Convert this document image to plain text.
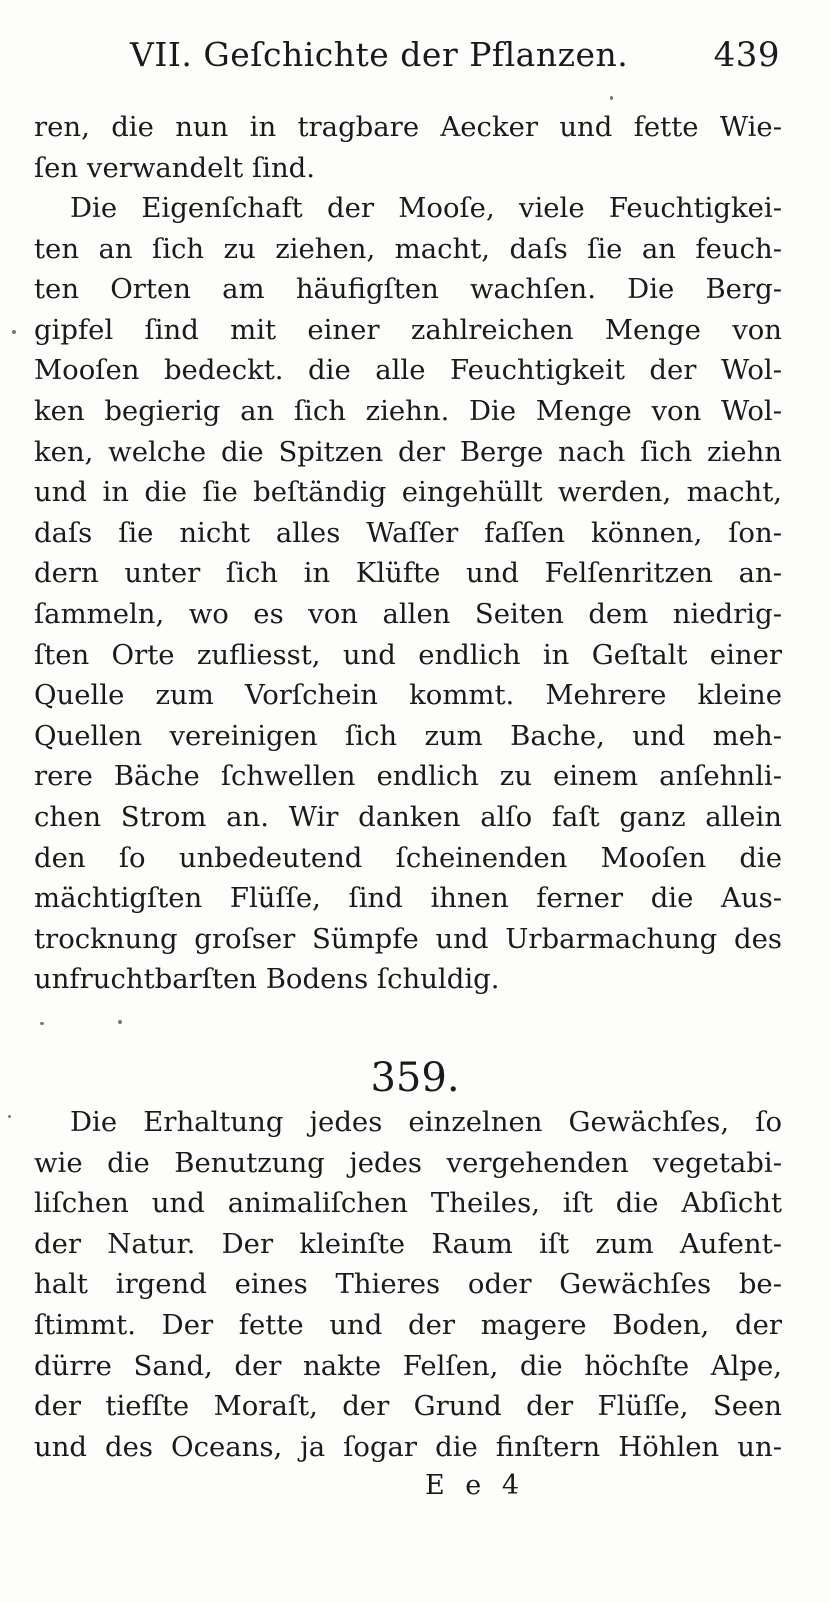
VII. Geſchichte der Pflanzen.	439
ren, die nun in tragbare Aecker und fette Wie-
ſen verwandelt ſind.
Die Eigenſchaft der Mooſe, viele Feuchtigkei-
ten an ſich zu ziehen, macht, daſs ſie an feuch-
ten Orten am häufigſten wachſen. Die Berg-
gipfel ſind mit einer zahlreichen Menge von
Mooſen bedeckt. die alle Feuchtigkeit der Wol-
ken begierig an ſich ziehn. Die Menge von Wol-
ken, welche die Spitzen der Berge nach ſich ziehn
und in die ſie beſtändig eingehüllt werden, macht,
daſs ſie nicht alles Waſſer faſſen können, ſon-
dern unter ſich in Klüfte und Felſenritzen an-
ſammeln, wo es von allen Seiten dem niedrig-
ſten Orte zufliesst, und endlich in Geſtalt einer
Quelle zum Vorſchein kommt. Mehrere kleine
Quellen vereinigen ſich zum Bache, und meh-
rere Bäche ſchwellen endlich zu einem anſehnli-
chen Strom an. Wir danken alſo faſt ganz allein
den ſo unbedeutend ſcheinenden Mooſen die
mächtigſten Flüſſe, ſind ihnen ferner die Aus-
trocknung groſser Sümpfe und Urbarmachung des
unfruchtbarſten Bodens ſchuldig.
359.
Die Erhaltung jedes einzelnen Gewächſes, ſo
wie die Benutzung jedes vergehenden vegetabi-
liſchen und animaliſchen Theiles, iſt die Abſicht
der Natur. Der kleinſte Raum iſt zum Aufent-
halt irgend eines Thieres oder Gewächſes be-
ſtimmt. Der fette und der magere Boden, der
dürre Sand, der nakte Felſen, die höchſte Alpe,
der tiefſte Moraſt, der Grund der Flüſſe, Seen
und des Oceans, ja ſogar die finſtern Höhlen un-
E e 4
